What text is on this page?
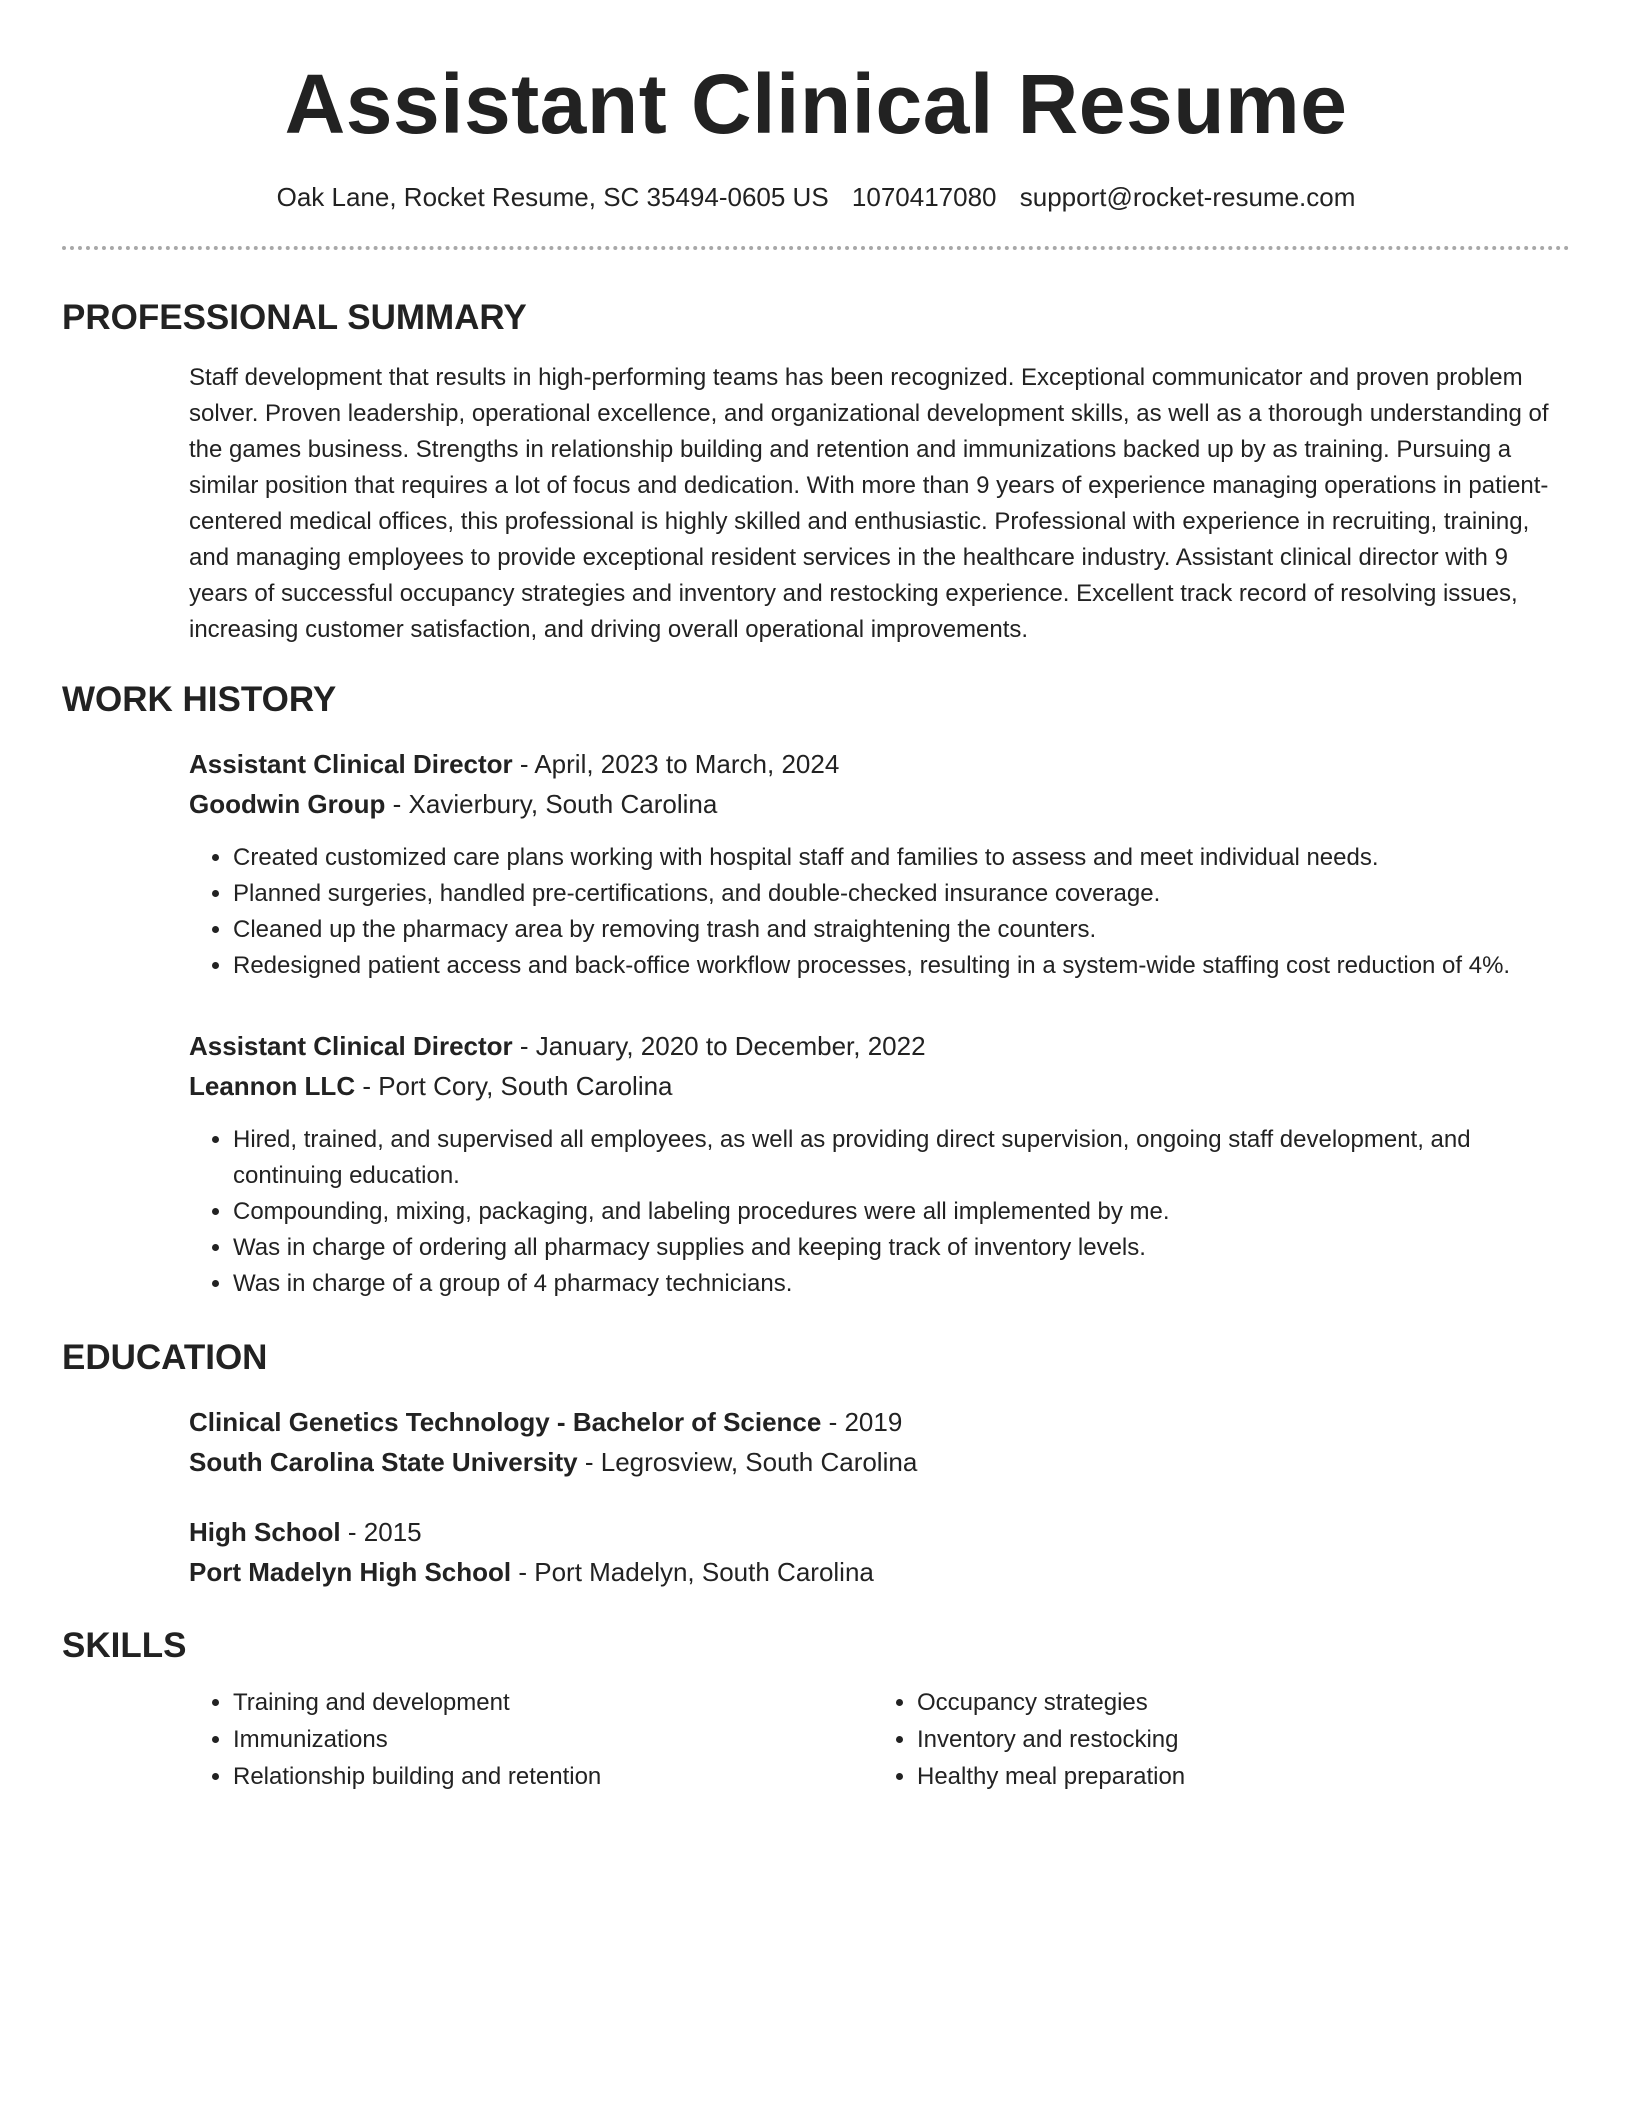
Assistant Clinical Resume
Oak Lane, Rocket Resume, SC 35494-0605 US 1070417080 support@rocket-resume.com
PROFESSIONAL SUMMARY
Staff development that results in high-performing teams has been recognized. Exceptional communicator and proven problem solver. Proven leadership, operational excellence, and organizational development skills, as well as a thorough understanding of the games business. Strengths in relationship building and retention and immunizations backed up by as training. Pursuing a similar position that requires a lot of focus and dedication. With more than 9 years of experience managing operations in patient-centered medical offices, this professional is highly skilled and enthusiastic. Professional with experience in recruiting, training, and managing employees to provide exceptional resident services in the healthcare industry. Assistant clinical director with 9 years of successful occupancy strategies and inventory and restocking experience. Excellent track record of resolving issues, increasing customer satisfaction, and driving overall operational improvements.
WORK HISTORY
Assistant Clinical Director - April, 2023 to March, 2024
Goodwin Group - Xavierbury, South Carolina
• Created customized care plans working with hospital staff and families to assess and meet individual needs.
• Planned surgeries, handled pre-certifications, and double-checked insurance coverage.
• Cleaned up the pharmacy area by removing trash and straightening the counters.
• Redesigned patient access and back-office workflow processes, resulting in a system-wide staffing cost reduction of 4%.
Assistant Clinical Director - January, 2020 to December, 2022
Leannon LLC - Port Cory, South Carolina
• Hired, trained, and supervised all employees, as well as providing direct supervision, ongoing staff development, and continuing education.
• Compounding, mixing, packaging, and labeling procedures were all implemented by me.
• Was in charge of ordering all pharmacy supplies and keeping track of inventory levels.
• Was in charge of a group of 4 pharmacy technicians.
EDUCATION
Clinical Genetics Technology - Bachelor of Science - 2019
South Carolina State University - Legrosview, South Carolina
High School - 2015
Port Madelyn High School - Port Madelyn, South Carolina
SKILLS
• Training and development
• Immunizations
• Relationship building and retention
• Occupancy strategies
• Inventory and restocking
• Healthy meal preparation
